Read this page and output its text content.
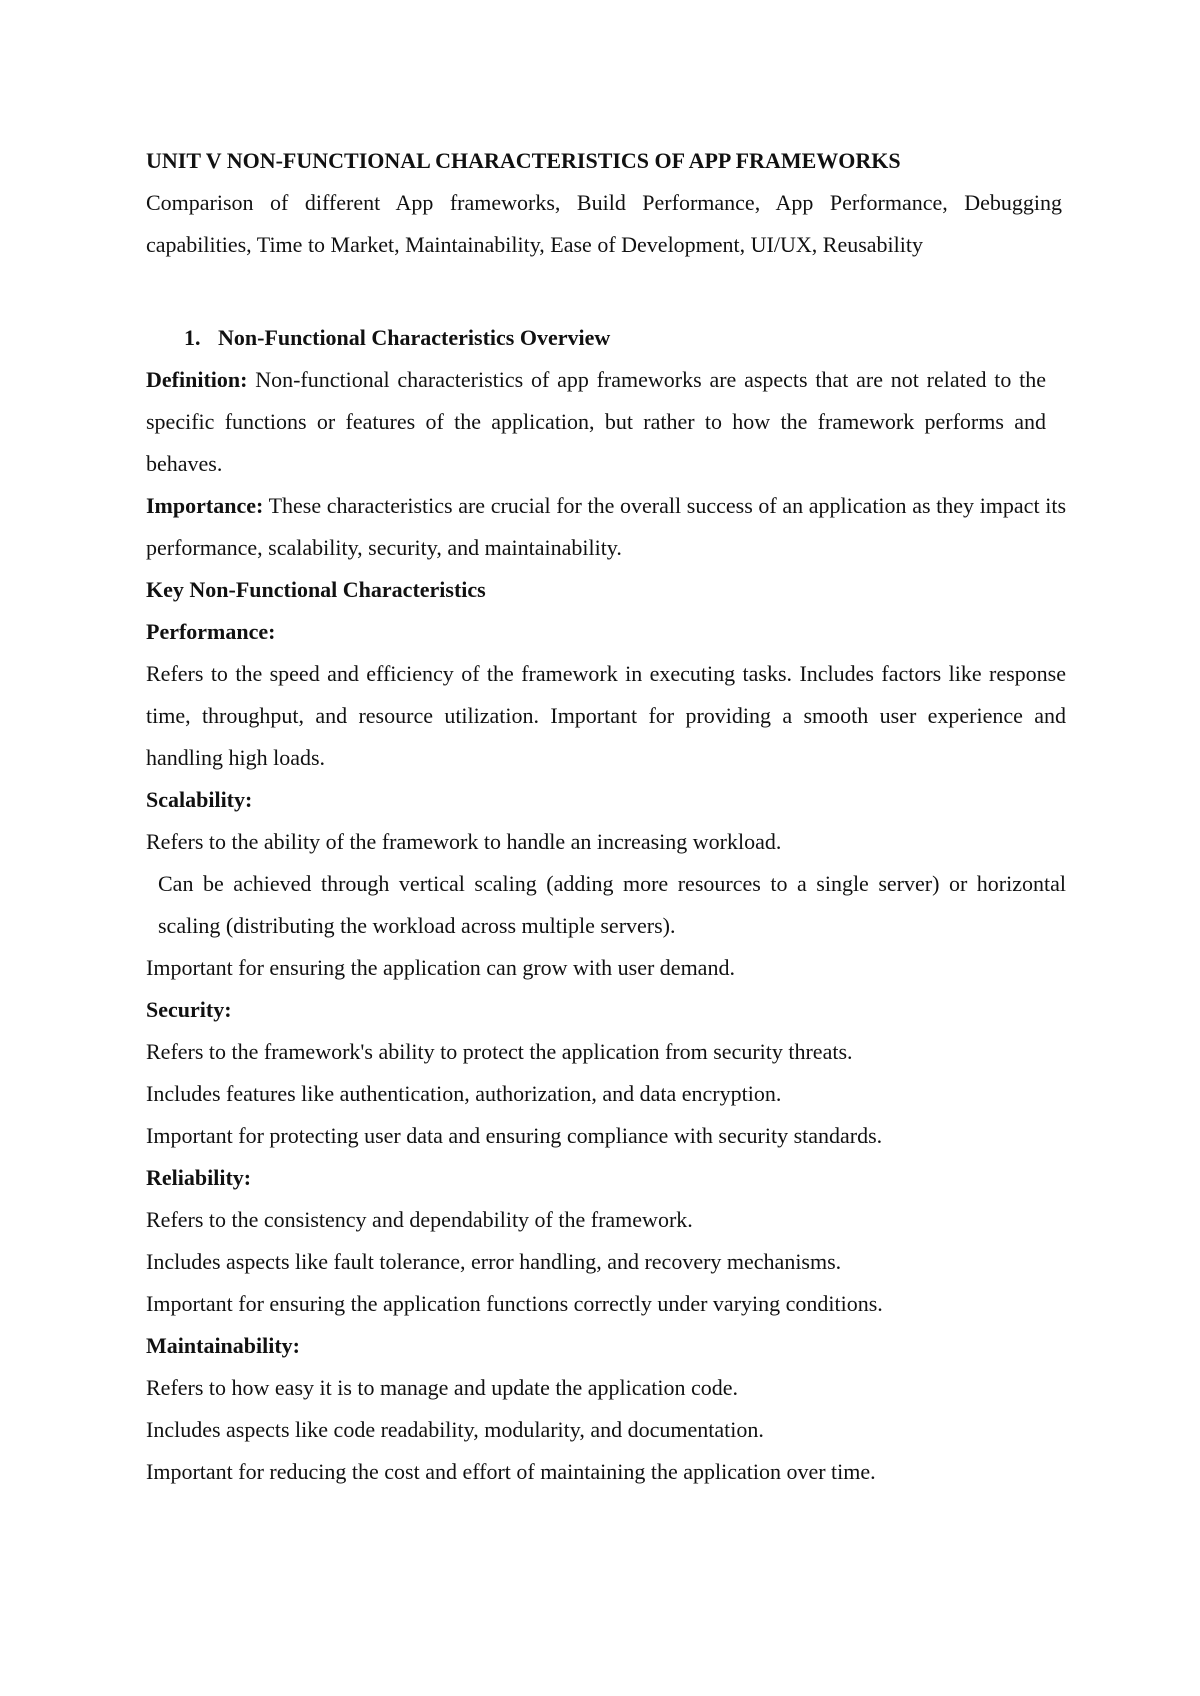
UNIT V NON-FUNCTIONAL CHARACTERISTICS OF APP FRAMEWORKS
Comparison of different App frameworks, Build Performance, App Performance, Debugging capabilities, Time to Market, Maintainability, Ease of Development, UI/UX, Reusability
1. Non-Functional Characteristics Overview
Definition: Non-functional characteristics of app frameworks are aspects that are not related to the specific functions or features of the application, but rather to how the framework performs and behaves.
Importance: These characteristics are crucial for the overall success of an application as they impact its performance, scalability, security, and maintainability.
Key Non-Functional Characteristics
Performance:
Refers to the speed and efficiency of the framework in executing tasks. Includes factors like response time, throughput, and resource utilization. Important for providing a smooth user experience and handling high loads.
Scalability:
Refers to the ability of the framework to handle an increasing workload.
Can be achieved through vertical scaling (adding more resources to a single server) or horizontal scaling (distributing the workload across multiple servers).
Important for ensuring the application can grow with user demand.
Security:
Refers to the framework's ability to protect the application from security threats.
Includes features like authentication, authorization, and data encryption.
Important for protecting user data and ensuring compliance with security standards.
Reliability:
Refers to the consistency and dependability of the framework.
Includes aspects like fault tolerance, error handling, and recovery mechanisms.
Important for ensuring the application functions correctly under varying conditions.
Maintainability:
Refers to how easy it is to manage and update the application code.
Includes aspects like code readability, modularity, and documentation.
Important for reducing the cost and effort of maintaining the application over time.
